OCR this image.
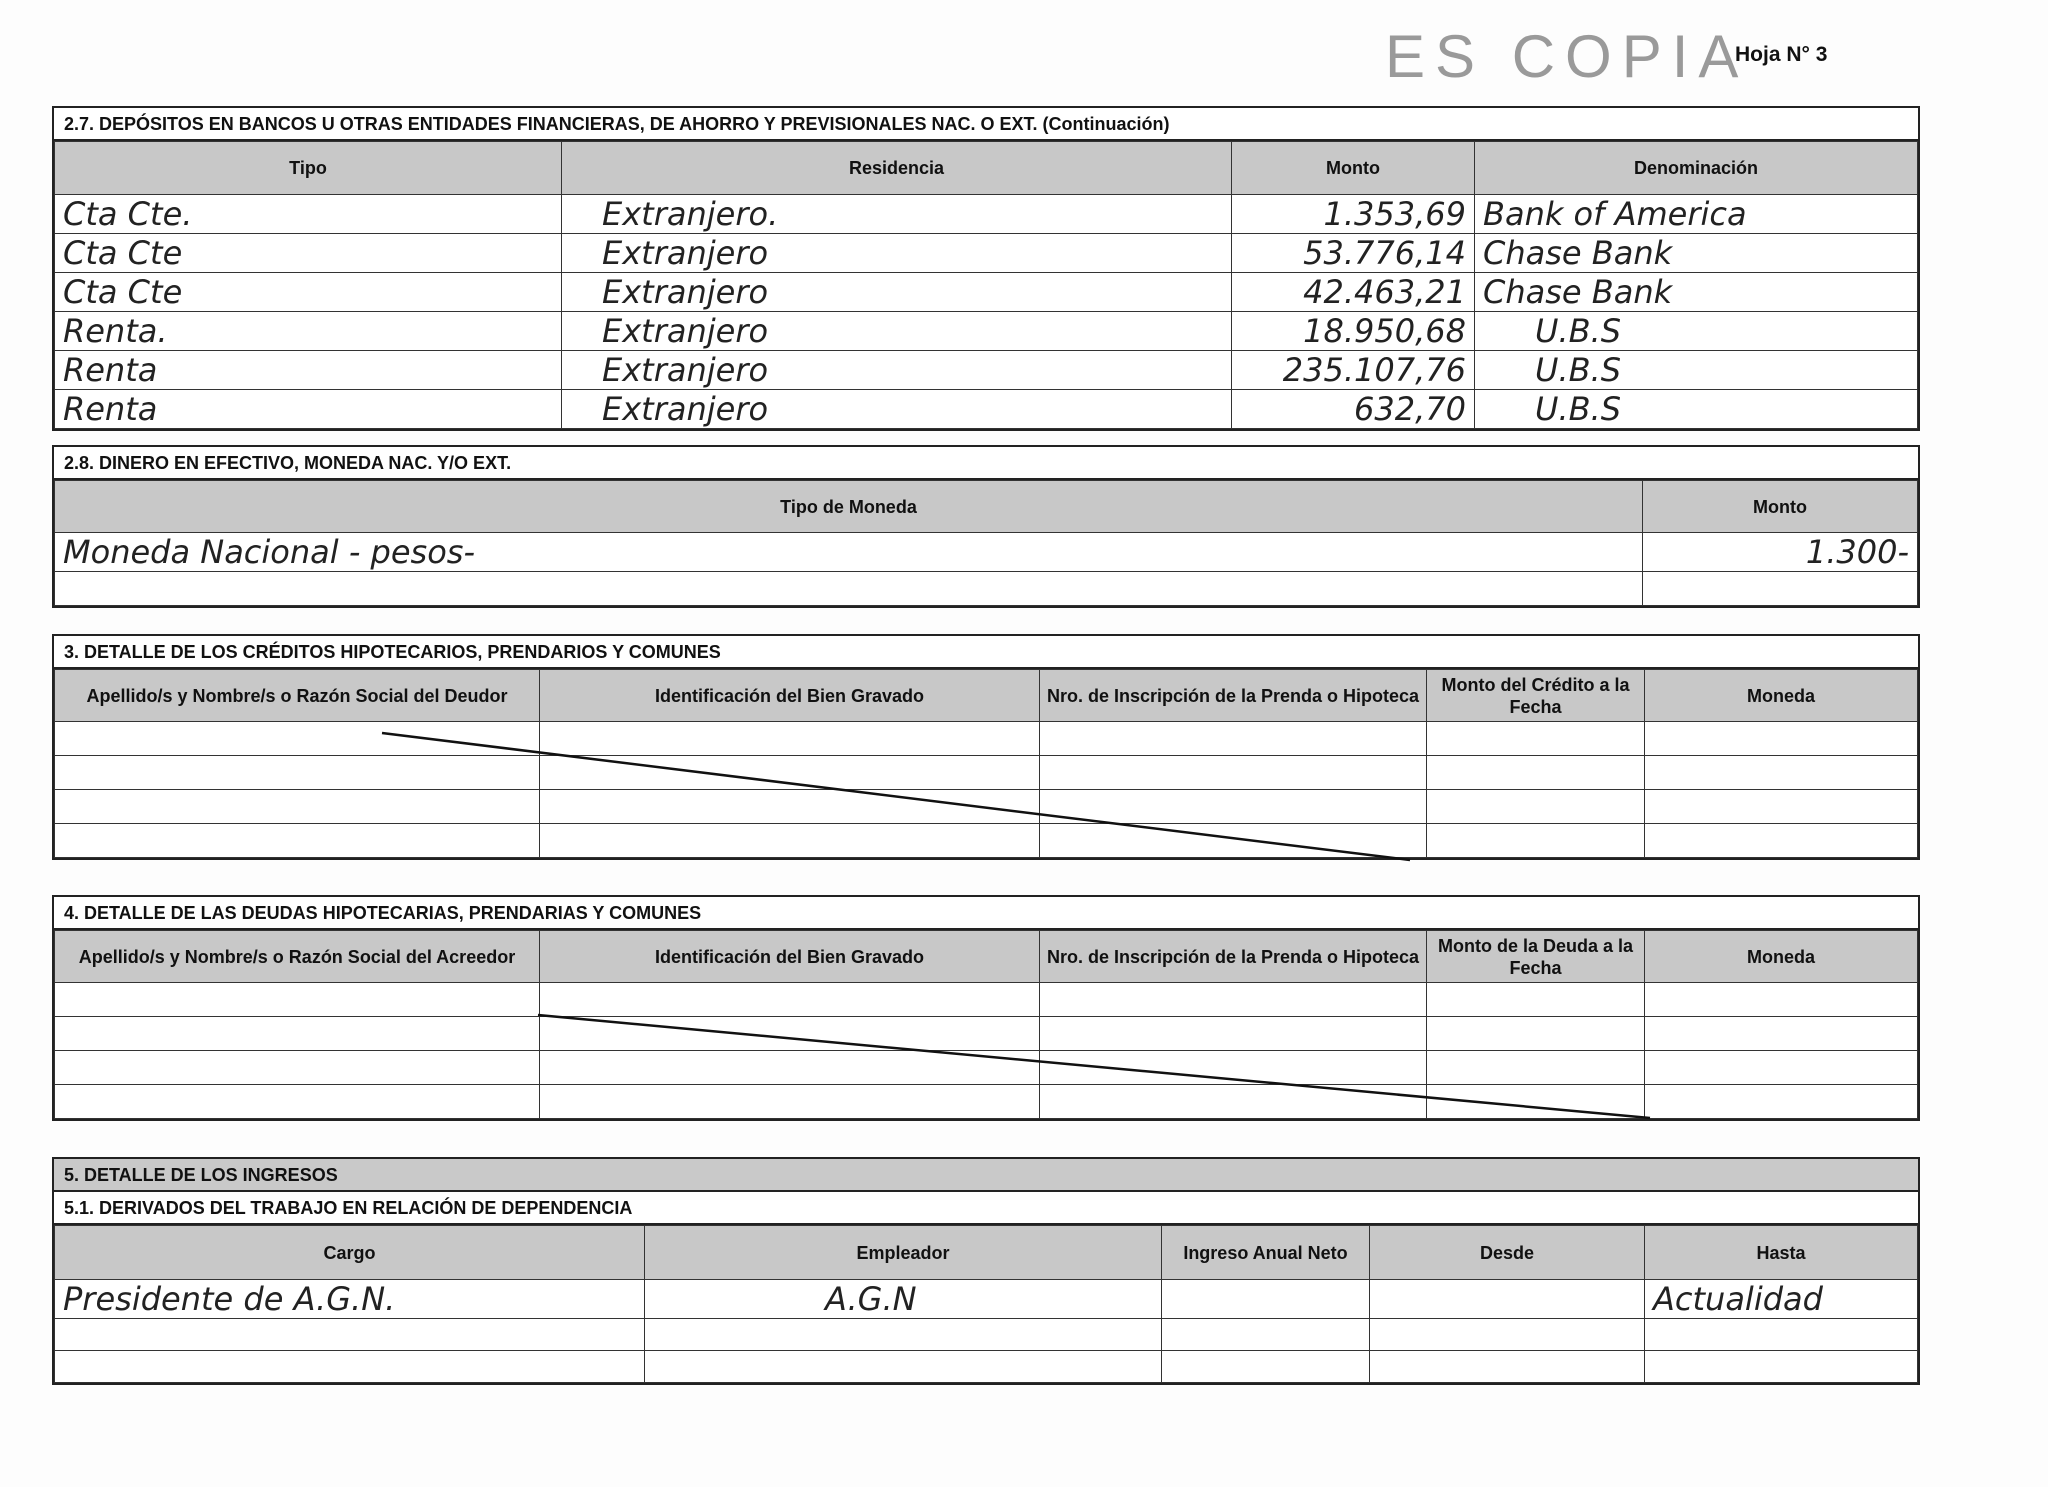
ES COPIA
Hoja N° 3
2.7. DEPÓSITOS EN BANCOS U OTRAS ENTIDADES FINANCIERAS, DE AHORRO Y PREVISIONALES NAC. O EXT. (Continuación)
Tipo	Residencia	Monto	Denominación
Cta Cte.	Extranjero.	1.353,69	Bank of America
Cta Cte	Extranjero	53.776,14	Chase Bank
Cta Cte	Extranjero	42.463,21	Chase Bank
Renta.	Extranjero	18.950,68	U.B.S
Renta	Extranjero	235.107,76	U.B.S
Renta	Extranjero	632,70	U.B.S
2.8. DINERO EN EFECTIVO, MONEDA NAC. Y/O EXT.
Tipo de Moneda	Monto
Moneda Nacional - pesos-	1.300-

3. DETALLE DE LOS CRÉDITOS HIPOTECARIOS, PRENDARIOS Y COMUNES
Apellido/s y Nombre/s o Razón Social del Deudor	Identificación del Bien Gravado	Nro. de Inscripción de la Prenda o Hipoteca	Monto del Crédito a la Fecha	Moneda

4. DETALLE DE LAS DEUDAS HIPOTECARIAS, PRENDARIAS Y COMUNES
Apellido/s y Nombre/s o Razón Social del Acreedor	Identificación del Bien Gravado	Nro. de Inscripción de la Prenda o Hipoteca	Monto de la Deuda a la Fecha	Moneda

5. DETALLE DE LOS INGRESOS
5.1. DERIVADOS DEL TRABAJO EN RELACIÓN DE DEPENDENCIA
Cargo	Empleador	Ingreso Anual Neto	Desde	Hasta
Presidente de A.G.N.	A.G.N			Actualidad
